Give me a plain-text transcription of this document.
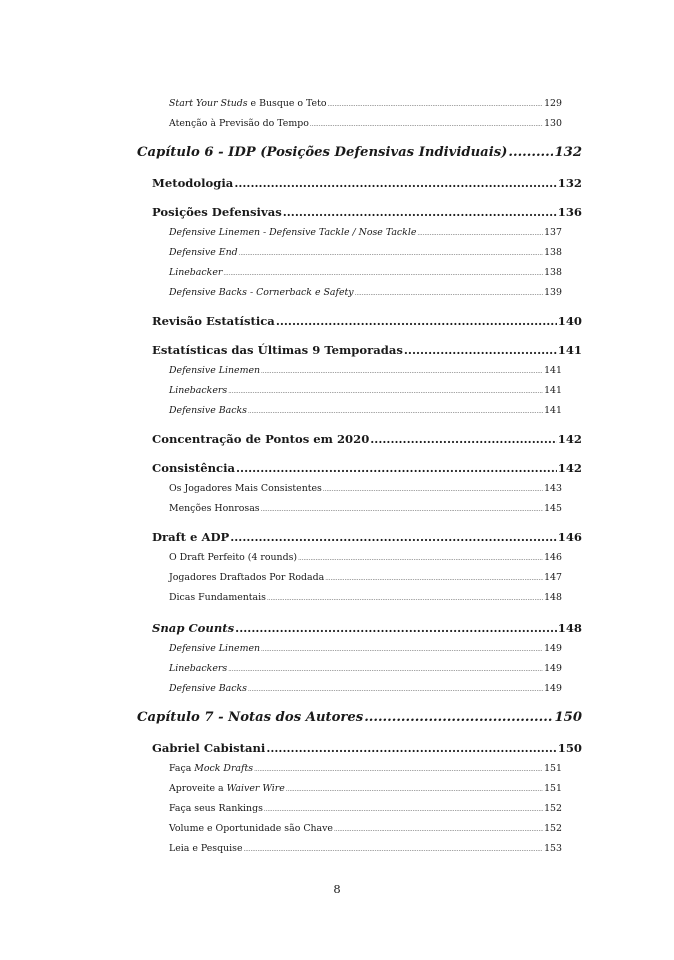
Start Your Studs e Busque o Teto .....	129
Atenção à Previsão do Tempo .....	130
Capítulo 6 - IDP (Posições Defensivas Individuais) .....	132
Metodologia .....	132
Posições Defensivas .....	136
Defensive Linemen - Defensive Tackle / Nose Tackle .....	137
Defensive End .....	138
Linebacker .....	138
Defensive Backs - Cornerback e Safety .....	139
Revisão Estatística .....	140
Estatísticas das Últimas 9 Temporadas .....	141
Defensive Linemen .....	141
Linebackers .....	141
Defensive Backs .....	141
Concentração de Pontos em 2020 .....	142
Consistência .....	142
Os Jogadores Mais Consistentes .....	143
Menções Honrosas .....	145
Draft e ADP .....	146
O Draft Perfeito (4 rounds) .....	146
Jogadores Draftados Por Rodada .....	147
Dicas Fundamentais .....	148
Snap Counts .....	148
Defensive Linemen .....	149
Linebackers .....	149
Defensive Backs .....	149
Capítulo 7 - Notas dos Autores .....	150
Gabriel Cabistani .....	150
Faça Mock Drafts .....	151
Aproveite a Waiver Wire .....	151
Faça seus Rankings .....	152
Volume e Oportunidade são Chave .....	152
Leia e Pesquise .....	153
8
